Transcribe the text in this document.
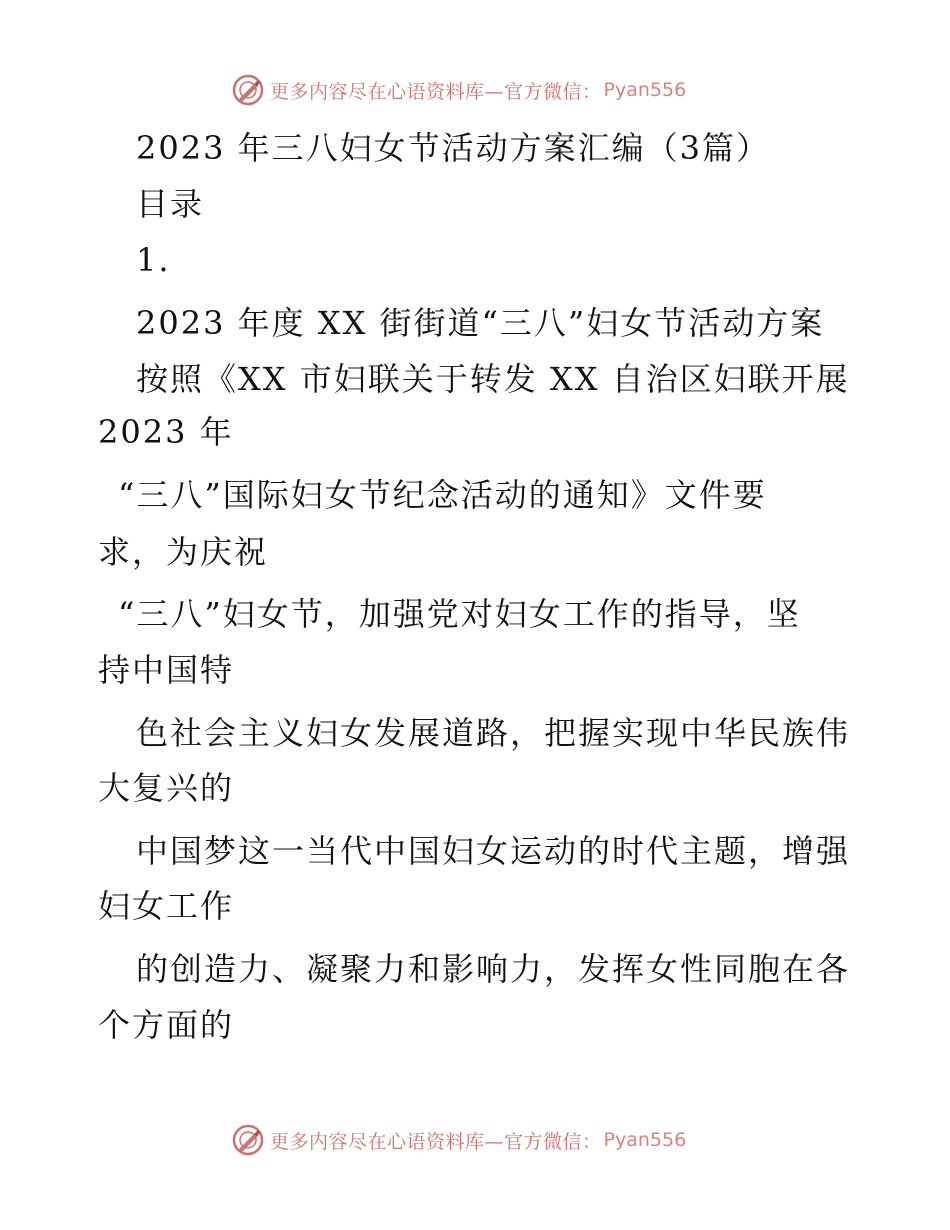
更多内容尽在心语资料库—官方微信： Pyan556
2023 年三八妇女节活动方案汇编（3篇）
目录
1.
2023 年度 XX 街街道“三八”妇女节活动方案
按照《XX 市妇联关于转发 XX 自治区妇联开展
2023 年
“三八”国际妇女节纪念活动的通知》文件要
求，为庆祝
“三八”妇女节，加强党对妇女工作的指导，坚
持中国特
色社会主义妇女发展道路，把握实现中华民族伟
大复兴的
中国梦这一当代中国妇女运动的时代主题，增强
妇女工作
的创造力、凝聚力和影响力，发挥女性同胞在各
个方面的
更多内容尽在心语资料库—官方微信： Pyan556
